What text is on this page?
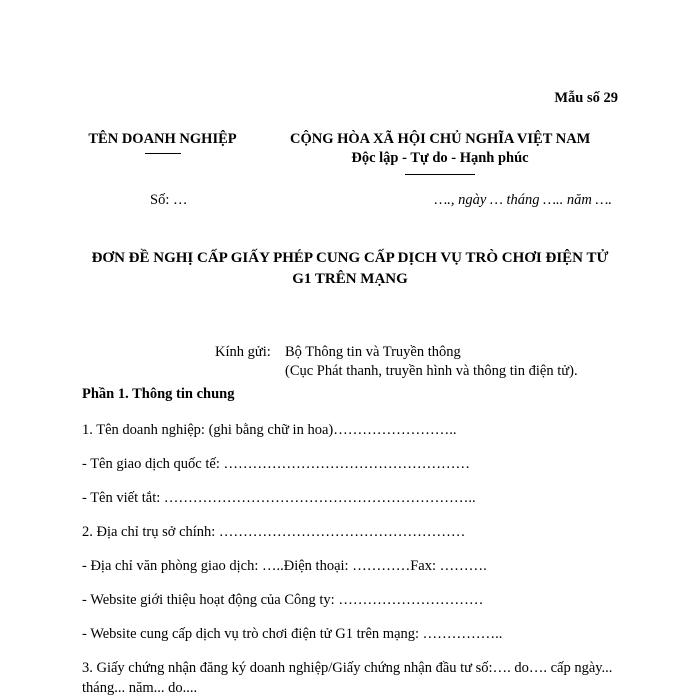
Mẫu số 29
TÊN DOANH NGHIỆP	CỘNG HÒA XÃ HỘI CHỦ NGHĨA VIỆT NAM
Độc lập - Tự do - Hạnh phúc
Số: …	…., ngày … tháng ….. năm ….
ĐƠN ĐỀ NGHỊ CẤP GIẤY PHÉP CUNG CẤP DỊCH VỤ TRÒ CHƠI ĐIỆN TỬ
G1 TRÊN MẠNG
Kính gửi: Bộ Thông tin và Truyền thông
(Cục Phát thanh, truyền hình và thông tin điện tử).
Phần 1. Thông tin chung
1. Tên doanh nghiệp: (ghi bằng chữ in hoa)……………………..
- Tên giao dịch quốc tế: ……………………………………………
- Tên viết tắt: ………………………………………………………..
2. Địa chỉ trụ sở chính: ……………………………………………
- Địa chỉ văn phòng giao dịch: …..Điện thoại: …………Fax: ……….
- Website giới thiệu hoạt động của Công ty: …………………………
- Website cung cấp dịch vụ trò chơi điện tử G1 trên mạng: ……………..
3. Giấy chứng nhận đăng ký doanh nghiệp/Giấy chứng nhận đầu tư số:…. do…. cấp ngày... tháng... năm... do....
